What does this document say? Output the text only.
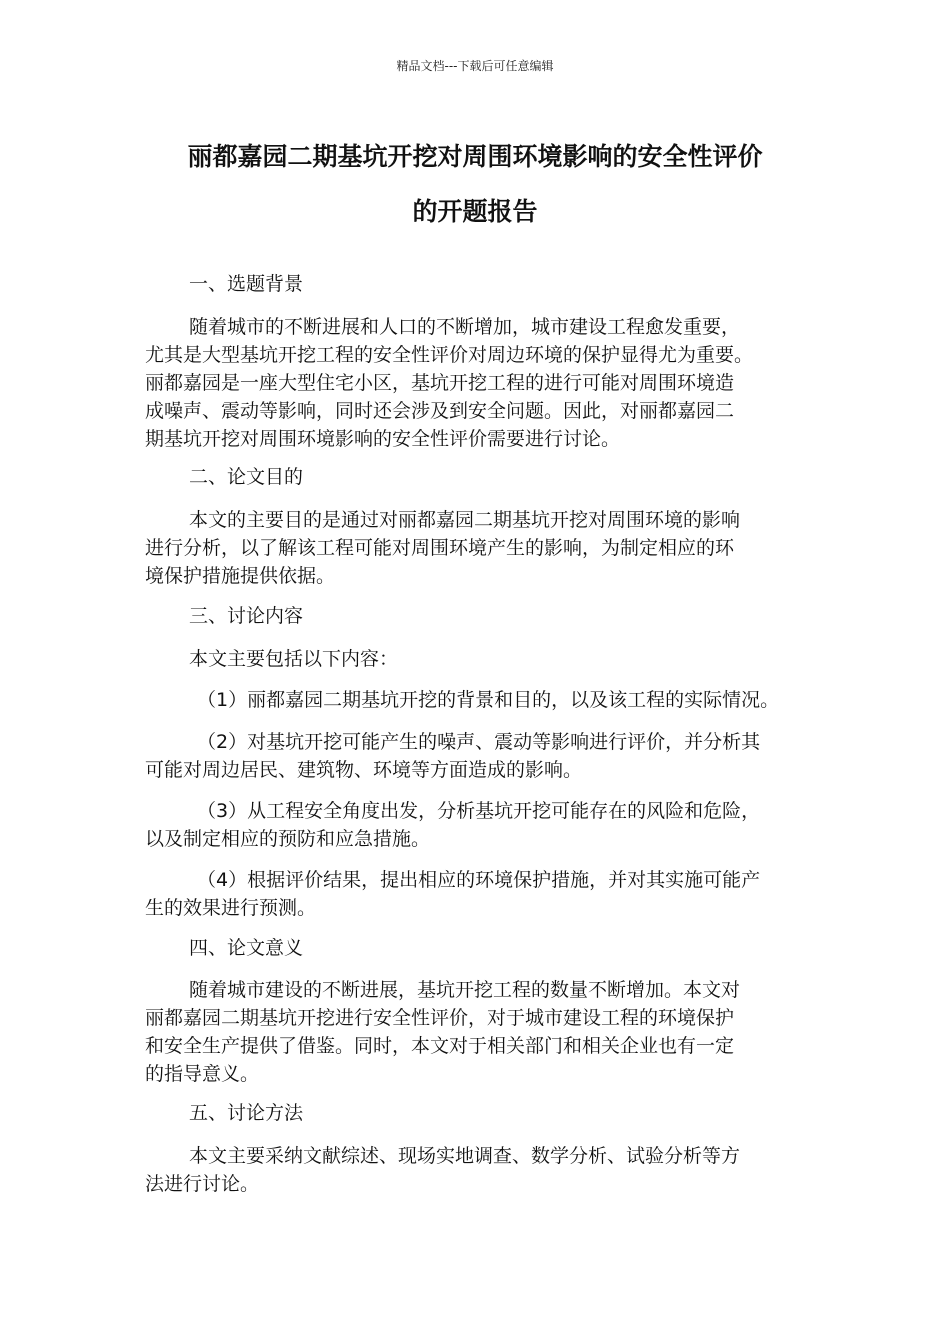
精品文档---下载后可任意编辑
丽都嘉园二期基坑开挖对周围环境影响的安全性评价
的开题报告

一、选题背景

随着城市的不断进展和人口的不断增加，城市建设工程愈发重要，
尤其是大型基坑开挖工程的安全性评价对周边环境的保护显得尤为重要。
丽都嘉园是一座大型住宅小区，基坑开挖工程的进行可能对周围环境造
成噪声、震动等影响，同时还会涉及到安全问题。因此，对丽都嘉园二
期基坑开挖对周围环境影响的安全性评价需要进行讨论。

二、论文目的

本文的主要目的是通过对丽都嘉园二期基坑开挖对周围环境的影响
进行分析，以了解该工程可能对周围环境产生的影响，为制定相应的环
境保护措施提供依据。

三、讨论内容

本文主要包括以下内容：

（1）丽都嘉园二期基坑开挖的背景和目的，以及该工程的实际情况。

（2）对基坑开挖可能产生的噪声、震动等影响进行评价，并分析其
可能对周边居民、建筑物、环境等方面造成的影响。

（3）从工程安全角度出发，分析基坑开挖可能存在的风险和危险，
以及制定相应的预防和应急措施。

（4）根据评价结果，提出相应的环境保护措施，并对其实施可能产
生的效果进行预测。

四、论文意义

随着城市建设的不断进展，基坑开挖工程的数量不断增加。本文对
丽都嘉园二期基坑开挖进行安全性评价，对于城市建设工程的环境保护
和安全生产提供了借鉴。同时，本文对于相关部门和相关企业也有一定
的指导意义。

五、讨论方法

本文主要采纳文献综述、现场实地调查、数学分析、试验分析等方
法进行讨论。
